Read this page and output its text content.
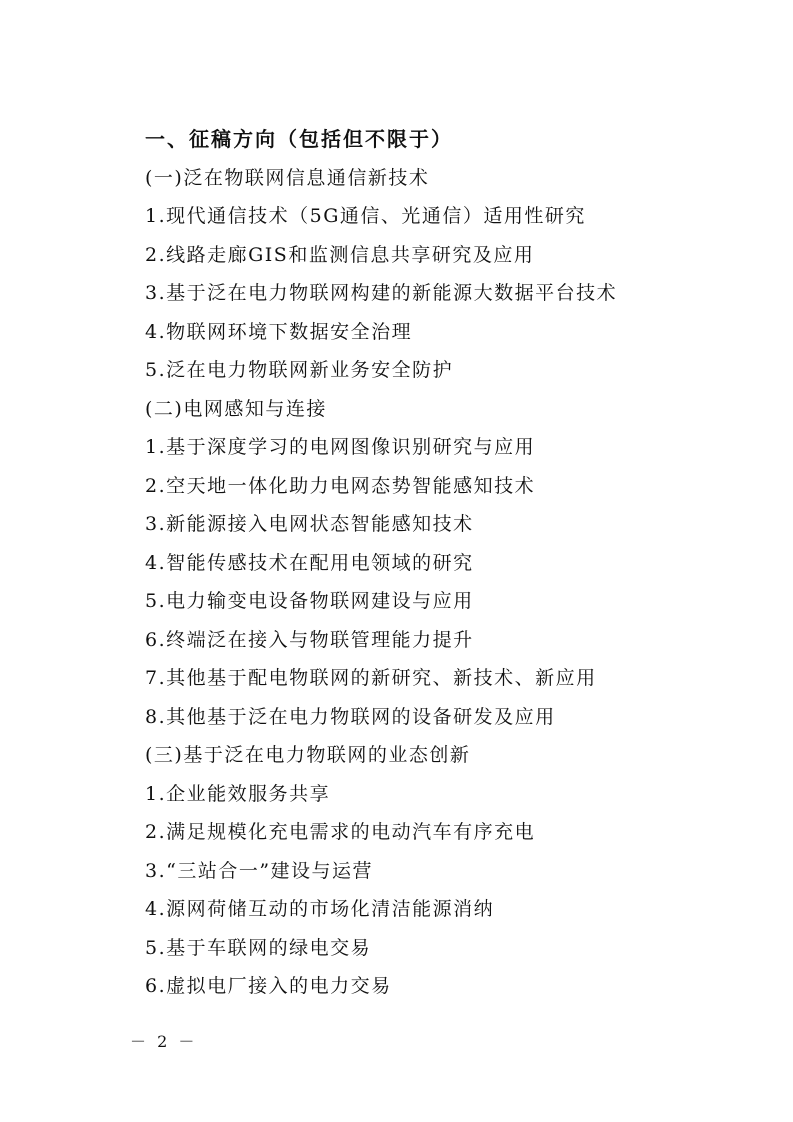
一、征稿方向（包括但不限于）
(一)泛在物联网信息通信新技术
1.现代通信技术（5G通信、光通信）适用性研究
2.线路走廊GIS和监测信息共享研究及应用
3.基于泛在电力物联网构建的新能源大数据平台技术
4.物联网环境下数据安全治理
5.泛在电力物联网新业务安全防护
(二)电网感知与连接
1.基于深度学习的电网图像识别研究与应用
2.空天地一体化助力电网态势智能感知技术
3.新能源接入电网状态智能感知技术
4.智能传感技术在配用电领域的研究
5.电力输变电设备物联网建设与应用
6.终端泛在接入与物联管理能力提升
7.其他基于配电物联网的新研究、新技术、新应用
8.其他基于泛在电力物联网的设备研发及应用
(三)基于泛在电力物联网的业态创新
1.企业能效服务共享
2.满足规模化充电需求的电动汽车有序充电
3.“三站合一”建设与运营
4.源网荷储互动的市场化清洁能源消纳
5.基于车联网的绿电交易
6.虚拟电厂接入的电力交易
－ 2 －
